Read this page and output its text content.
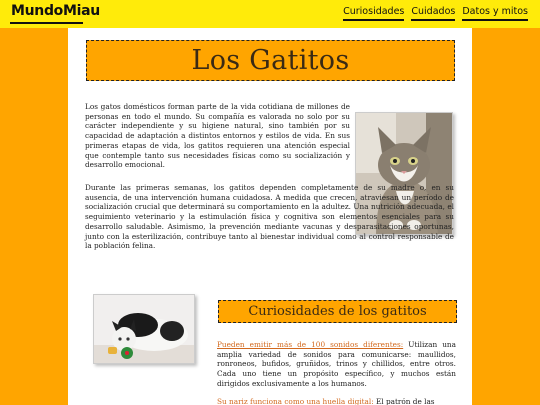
MundoMiau	Curiosidades Cuidados Datos y mitos
Los Gatitos

Los gatos domésticos forman parte de la vida cotidiana de millones de personas en todo el mundo. Su compañía es valorada no solo por su carácter independiente y su higiene natural, sino también por su capacidad de adaptación a distintos entornos y estilos de vida. En sus primeras etapas de vida, los gatitos requieren una atención especial que contemple tanto sus necesidades físicas como su socialización y desarrollo emocional.

Durante las primeras semanas, los gatitos dependen completamente de su madre o, en su ausencia, de una intervención humana cuidadosa. A medida que crecen, atraviesan un período de socialización crucial que determinará su comportamiento en la adultez. Una nutrición adecuada, el seguimiento veterinario y la estimulación física y cognitiva son elementos esenciales para su desarrollo saludable. Asimismo, la prevención mediante vacunas y desparasitaciones oportunas, junto con la esterilización, contribuye tanto al bienestar individual como al control responsable de la población felina.

Curiosidades de los gatitos

Pueden emitir más de 100 sonidos diferentes: Utilizan una amplia variedad de sonidos para comunicarse: maullidos, ronroneos, bufidos, gruñidos, trinos y chillidos, entre otros. Cada uno tiene un propósito específico, y muchos están dirigidos exclusivamente a los humanos.

Su nariz funciona como una huella digital: El patrón de las
